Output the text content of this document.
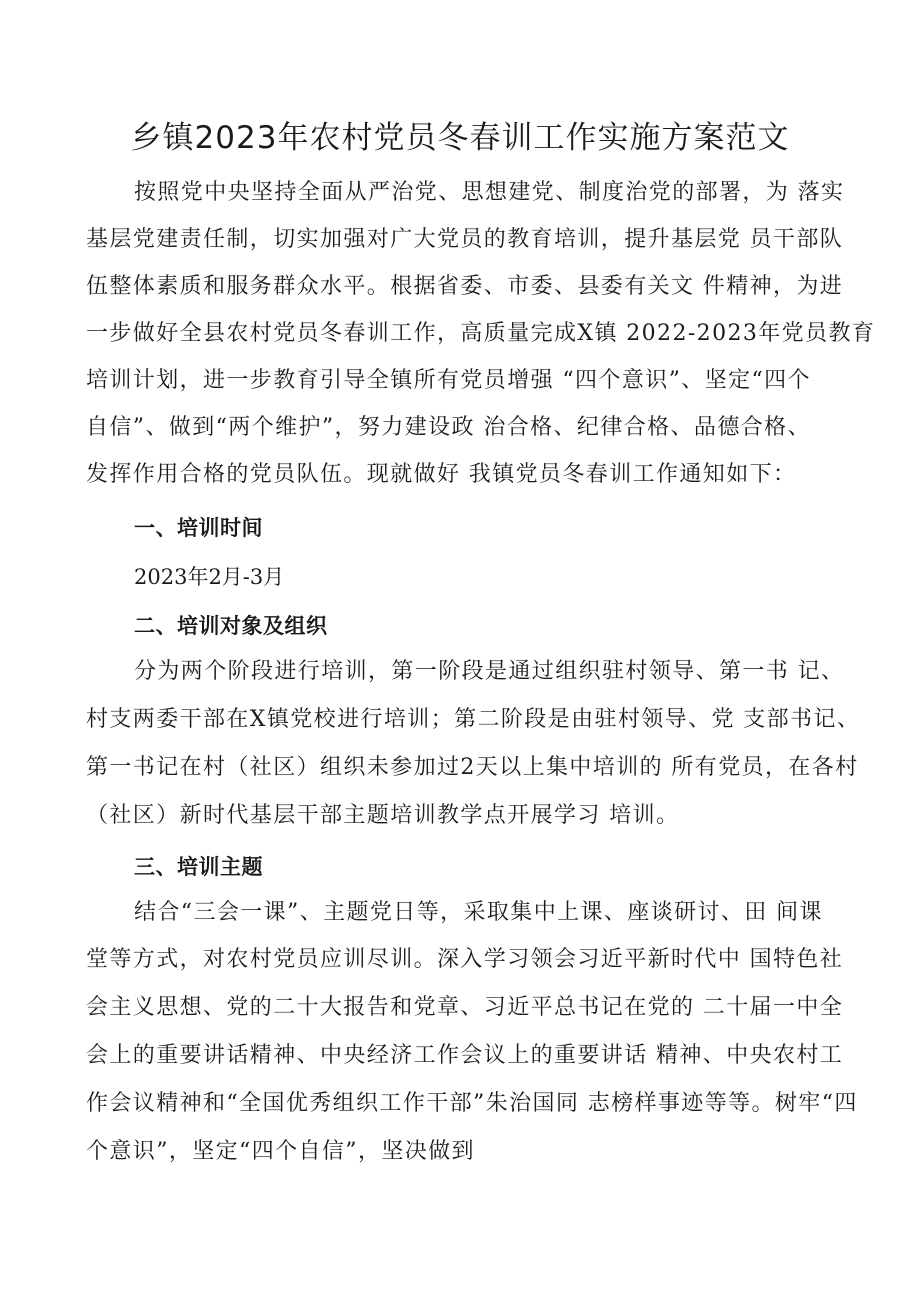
乡镇2023年农村党员冬春训工作实施方案范文
按照党中央坚持全面从严治党、思想建党、制度治党的部署，为 落实
基层党建责任制，切实加强对广大党员的教育培训，提升基层党 员干部队
伍整体素质和服务群众水平。根据省委、市委、县委有关文 件精神，为进
一步做好全县农村党员冬春训工作，高质量完成X镇 2022-2023年党员教育
培训计划，进一步教育引导全镇所有党员增强 “四个意识”、坚定“四个
自信”、做到“两个维护”，努力建设政 治合格、纪律合格、品德合格、
发挥作用合格的党员队伍。现就做好 我镇党员冬春训工作通知如下：
一、培训时间
2023年2月-3月
二、培训对象及组织
分为两个阶段进行培训，第一阶段是通过组织驻村领导、第一书 记、
村支两委干部在X镇党校进行培训；第二阶段是由驻村领导、党 支部书记、
第一书记在村（社区）组织未参加过2天以上集中培训的 所有党员，在各村
（社区）新时代基层干部主题培训教学点开展学习 培训。
三、培训主题
结合“三会一课”、主题党日等，采取集中上课、座谈研讨、田 间课
堂等方式，对农村党员应训尽训。深入学习领会习近平新时代中 国特色社
会主义思想、党的二十大报告和党章、习近平总书记在党的 二十届一中全
会上的重要讲话精神、中央经济工作会议上的重要讲话 精神、中央农村工
作会议精神和“全国优秀组织工作干部”朱治国同 志榜样事迹等等。树牢“四
个意识”，坚定“四个自信”，坚决做到
